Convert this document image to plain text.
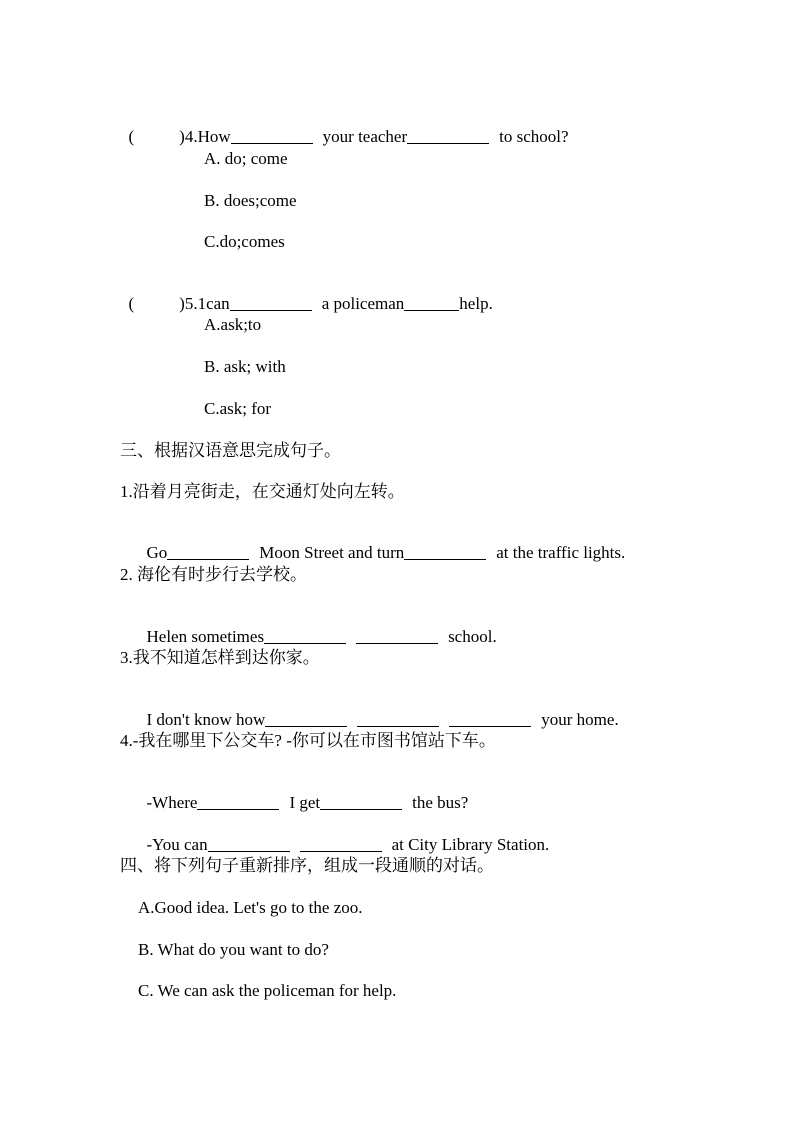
(	)4.How	your teacher	to school?

A. do; come
B. does;come
C.do;comes

(	)5.1can	a policeman	help.

A.ask;to
B. ask; with
C.ask; for
三、根据汉语意思完成句子。
1.沿着月亮街走，在交通灯处向左转。

Go	Moon Street and turn	at the traffic lights.

2. 海伦有时步行去学校。

Helen sometimes	school.

3.我不知道怎样到达你家。

I don't know how	your home.

4.-我在哪里下公交车? -你可以在市图书馆站下车。

-Where	I get	the bus?

-You can	at City Library Station.

四、将下列句子重新排序，组成一段通顺的对话。
A.Good idea. Let's go to the zoo.
B. What do you want to do?
C. We can ask the policeman for help.
